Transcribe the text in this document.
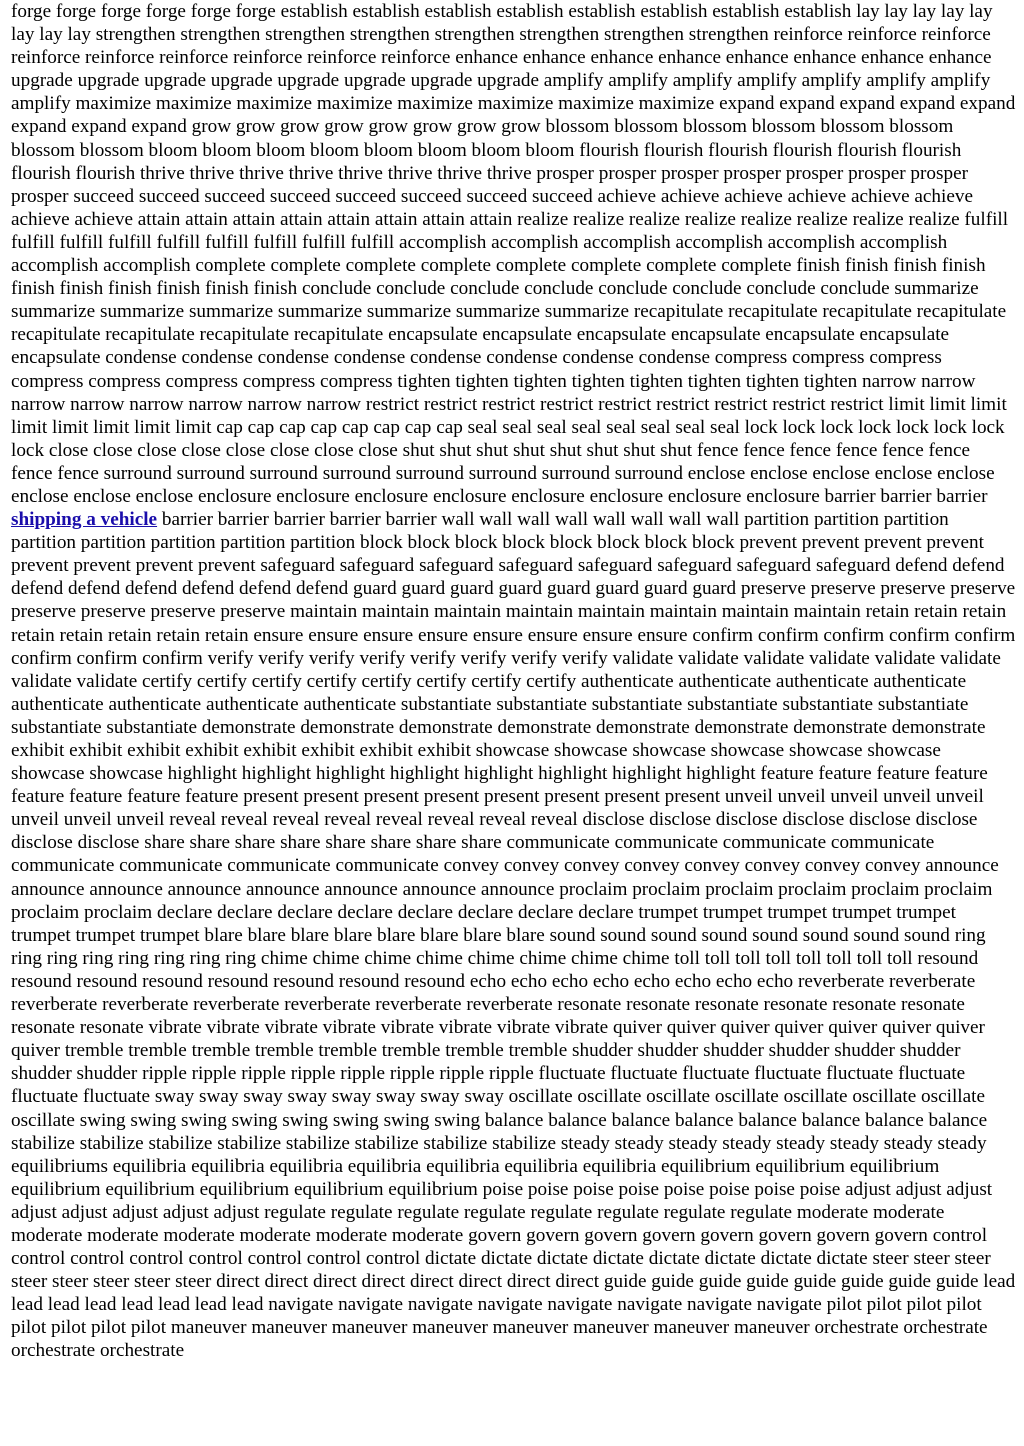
forge forge forge forge forge forge establish establish establish establish establish establish establish establish lay lay lay lay lay lay lay lay strengthen strengthen strengthen strengthen strengthen strengthen strengthen strengthen reinforce reinforce reinforce reinforce reinforce reinforce reinforce reinforce reinforce enhance enhance enhance enhance enhance enhance enhance enhance upgrade upgrade upgrade upgrade upgrade upgrade upgrade upgrade amplify amplify amplify amplify amplify amplify amplify amplify maximize maximize maximize maximize maximize maximize maximize maximize expand expand expand expand expand expand expand expand grow grow grow grow grow grow grow grow blossom blossom blossom blossom blossom blossom blossom blossom bloom bloom bloom bloom bloom bloom bloom bloom flourish flourish flourish flourish flourish flourish flourish flourish thrive thrive thrive thrive thrive thrive thrive thrive prosper prosper prosper prosper prosper prosper prosper prosper succeed succeed succeed succeed succeed succeed succeed succeed achieve achieve achieve achieve achieve achieve achieve achieve attain attain attain attain attain attain attain attain realize realize realize realize realize realize realize realize fulfill fulfill fulfill fulfill fulfill fulfill fulfill fulfill fulfill accomplish accomplish accomplish accomplish accomplish accomplish accomplish accomplish complete complete complete complete complete complete complete complete finish finish finish finish finish finish finish finish finish finish conclude conclude conclude conclude conclude conclude conclude conclude summarize summarize summarize summarize summarize summarize summarize summarize recapitulate recapitulate recapitulate recapitulate recapitulate recapitulate recapitulate recapitulate encapsulate encapsulate encapsulate encapsulate encapsulate encapsulate encapsulate condense condense condense condense condense condense condense condense compress compress compress compress compress compress compress compress tighten tighten tighten tighten tighten tighten tighten tighten narrow narrow narrow narrow narrow narrow narrow narrow restrict restrict restrict restrict restrict restrict restrict restrict restrict limit limit limit limit limit limit limit limit cap cap cap cap cap cap cap cap seal seal seal seal seal seal seal seal lock lock lock lock lock lock lock lock close close close close close close close close shut shut shut shut shut shut shut shut fence fence fence fence fence fence fence fence surround surround surround surround surround surround surround surround enclose enclose enclose enclose enclose enclose enclose enclose enclosure enclosure enclosure enclosure enclosure enclosure enclosure enclosure barrier barrier barrier shipping a vehicle barrier barrier barrier barrier barrier wall wall wall wall wall wall wall wall partition partition partition partition partition partition partition partition block block block block block block block block prevent prevent prevent prevent prevent prevent prevent prevent safeguard safeguard safeguard safeguard safeguard safeguard safeguard safeguard defend defend defend defend defend defend defend defend guard guard guard guard guard guard guard guard preserve preserve preserve preserve preserve preserve preserve preserve maintain maintain maintain maintain maintain maintain maintain maintain retain retain retain retain retain retain retain retain ensure ensure ensure ensure ensure ensure ensure ensure confirm confirm confirm confirm confirm confirm confirm confirm verify verify verify verify verify verify verify verify validate validate validate validate validate validate validate validate certify certify certify certify certify certify certify certify authenticate authenticate authenticate authenticate authenticate authenticate authenticate authenticate substantiate substantiate substantiate substantiate substantiate substantiate substantiate substantiate demonstrate demonstrate demonstrate demonstrate demonstrate demonstrate demonstrate demonstrate exhibit exhibit exhibit exhibit exhibit exhibit exhibit exhibit showcase showcase showcase showcase showcase showcase showcase showcase highlight highlight highlight highlight highlight highlight highlight highlight feature feature feature feature feature feature feature feature present present present present present present present present unveil unveil unveil unveil unveil unveil unveil unveil reveal reveal reveal reveal reveal reveal reveal reveal disclose disclose disclose disclose disclose disclose disclose disclose share share share share share share share share communicate communicate communicate communicate communicate communicate communicate communicate convey convey convey convey convey convey convey convey announce announce announce announce announce announce announce announce proclaim proclaim proclaim proclaim proclaim proclaim proclaim proclaim declare declare declare declare declare declare declare declare trumpet trumpet trumpet trumpet trumpet trumpet trumpet trumpet blare blare blare blare blare blare blare blare sound sound sound sound sound sound sound sound ring ring ring ring ring ring ring ring chime chime chime chime chime chime chime chime toll toll toll toll toll toll toll toll resound resound resound resound resound resound resound resound echo echo echo echo echo echo echo echo reverberate reverberate reverberate reverberate reverberate reverberate reverberate reverberate resonate resonate resonate resonate resonate resonate resonate resonate vibrate vibrate vibrate vibrate vibrate vibrate vibrate vibrate quiver quiver quiver quiver quiver quiver quiver quiver tremble tremble tremble tremble tremble tremble tremble tremble shudder shudder shudder shudder shudder shudder shudder shudder ripple ripple ripple ripple ripple ripple ripple ripple fluctuate fluctuate fluctuate fluctuate fluctuate fluctuate fluctuate fluctuate sway sway sway sway sway sway sway sway oscillate oscillate oscillate oscillate oscillate oscillate oscillate oscillate swing swing swing swing swing swing swing swing balance balance balance balance balance balance balance balance stabilize stabilize stabilize stabilize stabilize stabilize stabilize stabilize steady steady steady steady steady steady steady steady equilibriums equilibria equilibria equilibria equilibria equilibria equilibria equilibria equilibrium equilibrium equilibrium equilibrium equilibrium equilibrium equilibrium equilibrium poise poise poise poise poise poise poise poise adjust adjust adjust adjust adjust adjust adjust adjust regulate regulate regulate regulate regulate regulate regulate regulate moderate moderate moderate moderate moderate moderate moderate moderate govern govern govern govern govern govern govern govern control control control control control control control control dictate dictate dictate dictate dictate dictate dictate dictate steer steer steer steer steer steer steer steer direct direct direct direct direct direct direct direct guide guide guide guide guide guide guide guide lead lead lead lead lead lead lead lead navigate navigate navigate navigate navigate navigate navigate navigate pilot pilot pilot pilot pilot pilot pilot pilot maneuver maneuver maneuver maneuver maneuver maneuver maneuver maneuver orchestrate orchestrate orchestrate orchestrate
